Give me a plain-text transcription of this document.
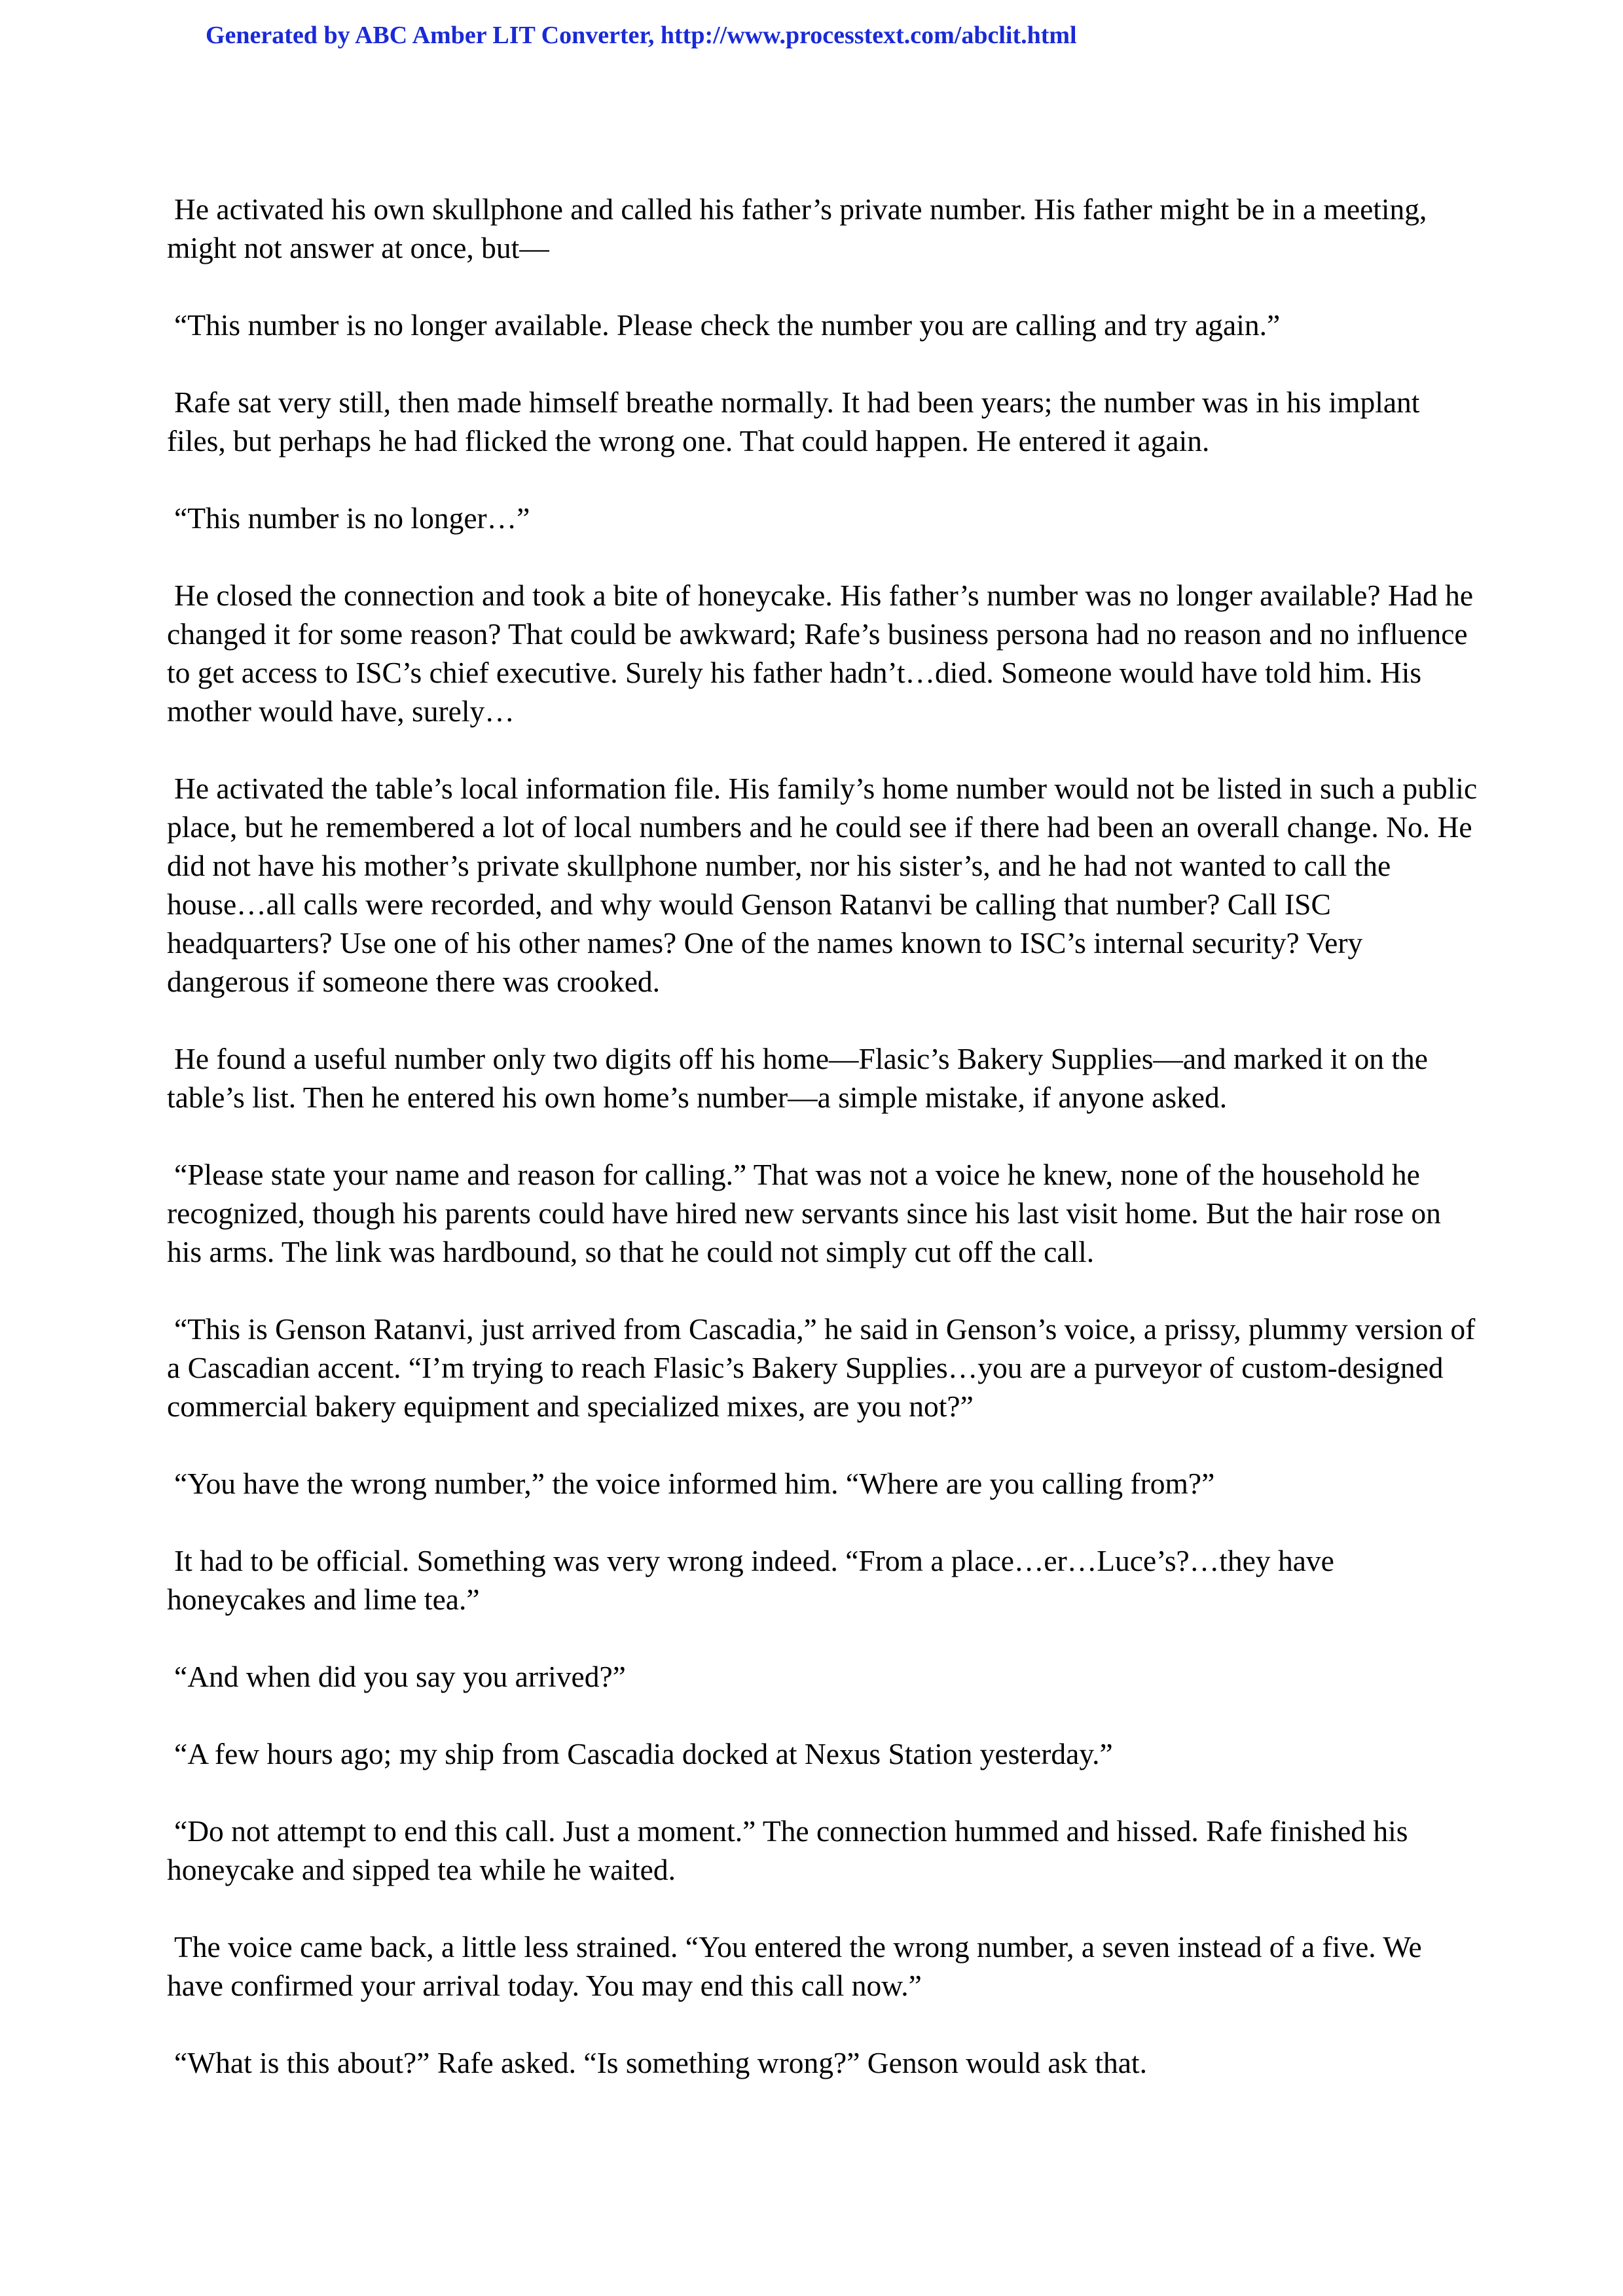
Generated by ABC Amber LIT Converter, http://www.processtext.com/abclit.html

He activated his own skullphone and called his father’s private number. His father might be in a meeting, might not answer at once, but—

“This number is no longer available. Please check the number you are calling and try again.”

Rafe sat very still, then made himself breathe normally. It had been years; the number was in his implant files, but perhaps he had flicked the wrong one. That could happen. He entered it again.

“This number is no longer…”

He closed the connection and took a bite of honeycake. His father’s number was no longer available? Had he changed it for some reason? That could be awkward; Rafe’s business persona had no reason and no influence to get access to ISC’s chief executive. Surely his father hadn’t…died. Someone would have told him. His mother would have, surely…

He activated the table’s local information file. His family’s home number would not be listed in such a public place, but he remembered a lot of local numbers and he could see if there had been an overall change. No. He did not have his mother’s private skullphone number, nor his sister’s, and he had not wanted to call the house…all calls were recorded, and why would Genson Ratanvi be calling that number? Call ISC headquarters? Use one of his other names? One of the names known to ISC’s internal security? Very dangerous if someone there was crooked.

He found a useful number only two digits off his home—Flasic’s Bakery Supplies—and marked it on the table’s list. Then he entered his own home’s number—a simple mistake, if anyone asked.

“Please state your name and reason for calling.” That was not a voice he knew, none of the household he recognized, though his parents could have hired new servants since his last visit home. But the hair rose on his arms. The link was hardbound, so that he could not simply cut off the call.

“This is Genson Ratanvi, just arrived from Cascadia,” he said in Genson’s voice, a prissy, plummy version of a Cascadian accent. “I’m trying to reach Flasic’s Bakery Supplies…you are a purveyor of custom-designed commercial bakery equipment and specialized mixes, are you not?”

“You have the wrong number,” the voice informed him. “Where are you calling from?”

It had to be official. Something was very wrong indeed. “From a place…er…Luce’s?…they have honeycakes and lime tea.”

“And when did you say you arrived?”

“A few hours ago; my ship from Cascadia docked at Nexus Station yesterday.”

“Do not attempt to end this call. Just a moment.” The connection hummed and hissed. Rafe finished his honeycake and sipped tea while he waited.

The voice came back, a little less strained. “You entered the wrong number, a seven instead of a five. We have confirmed your arrival today. You may end this call now.”

“What is this about?” Rafe asked. “Is something wrong?” Genson would ask that.
